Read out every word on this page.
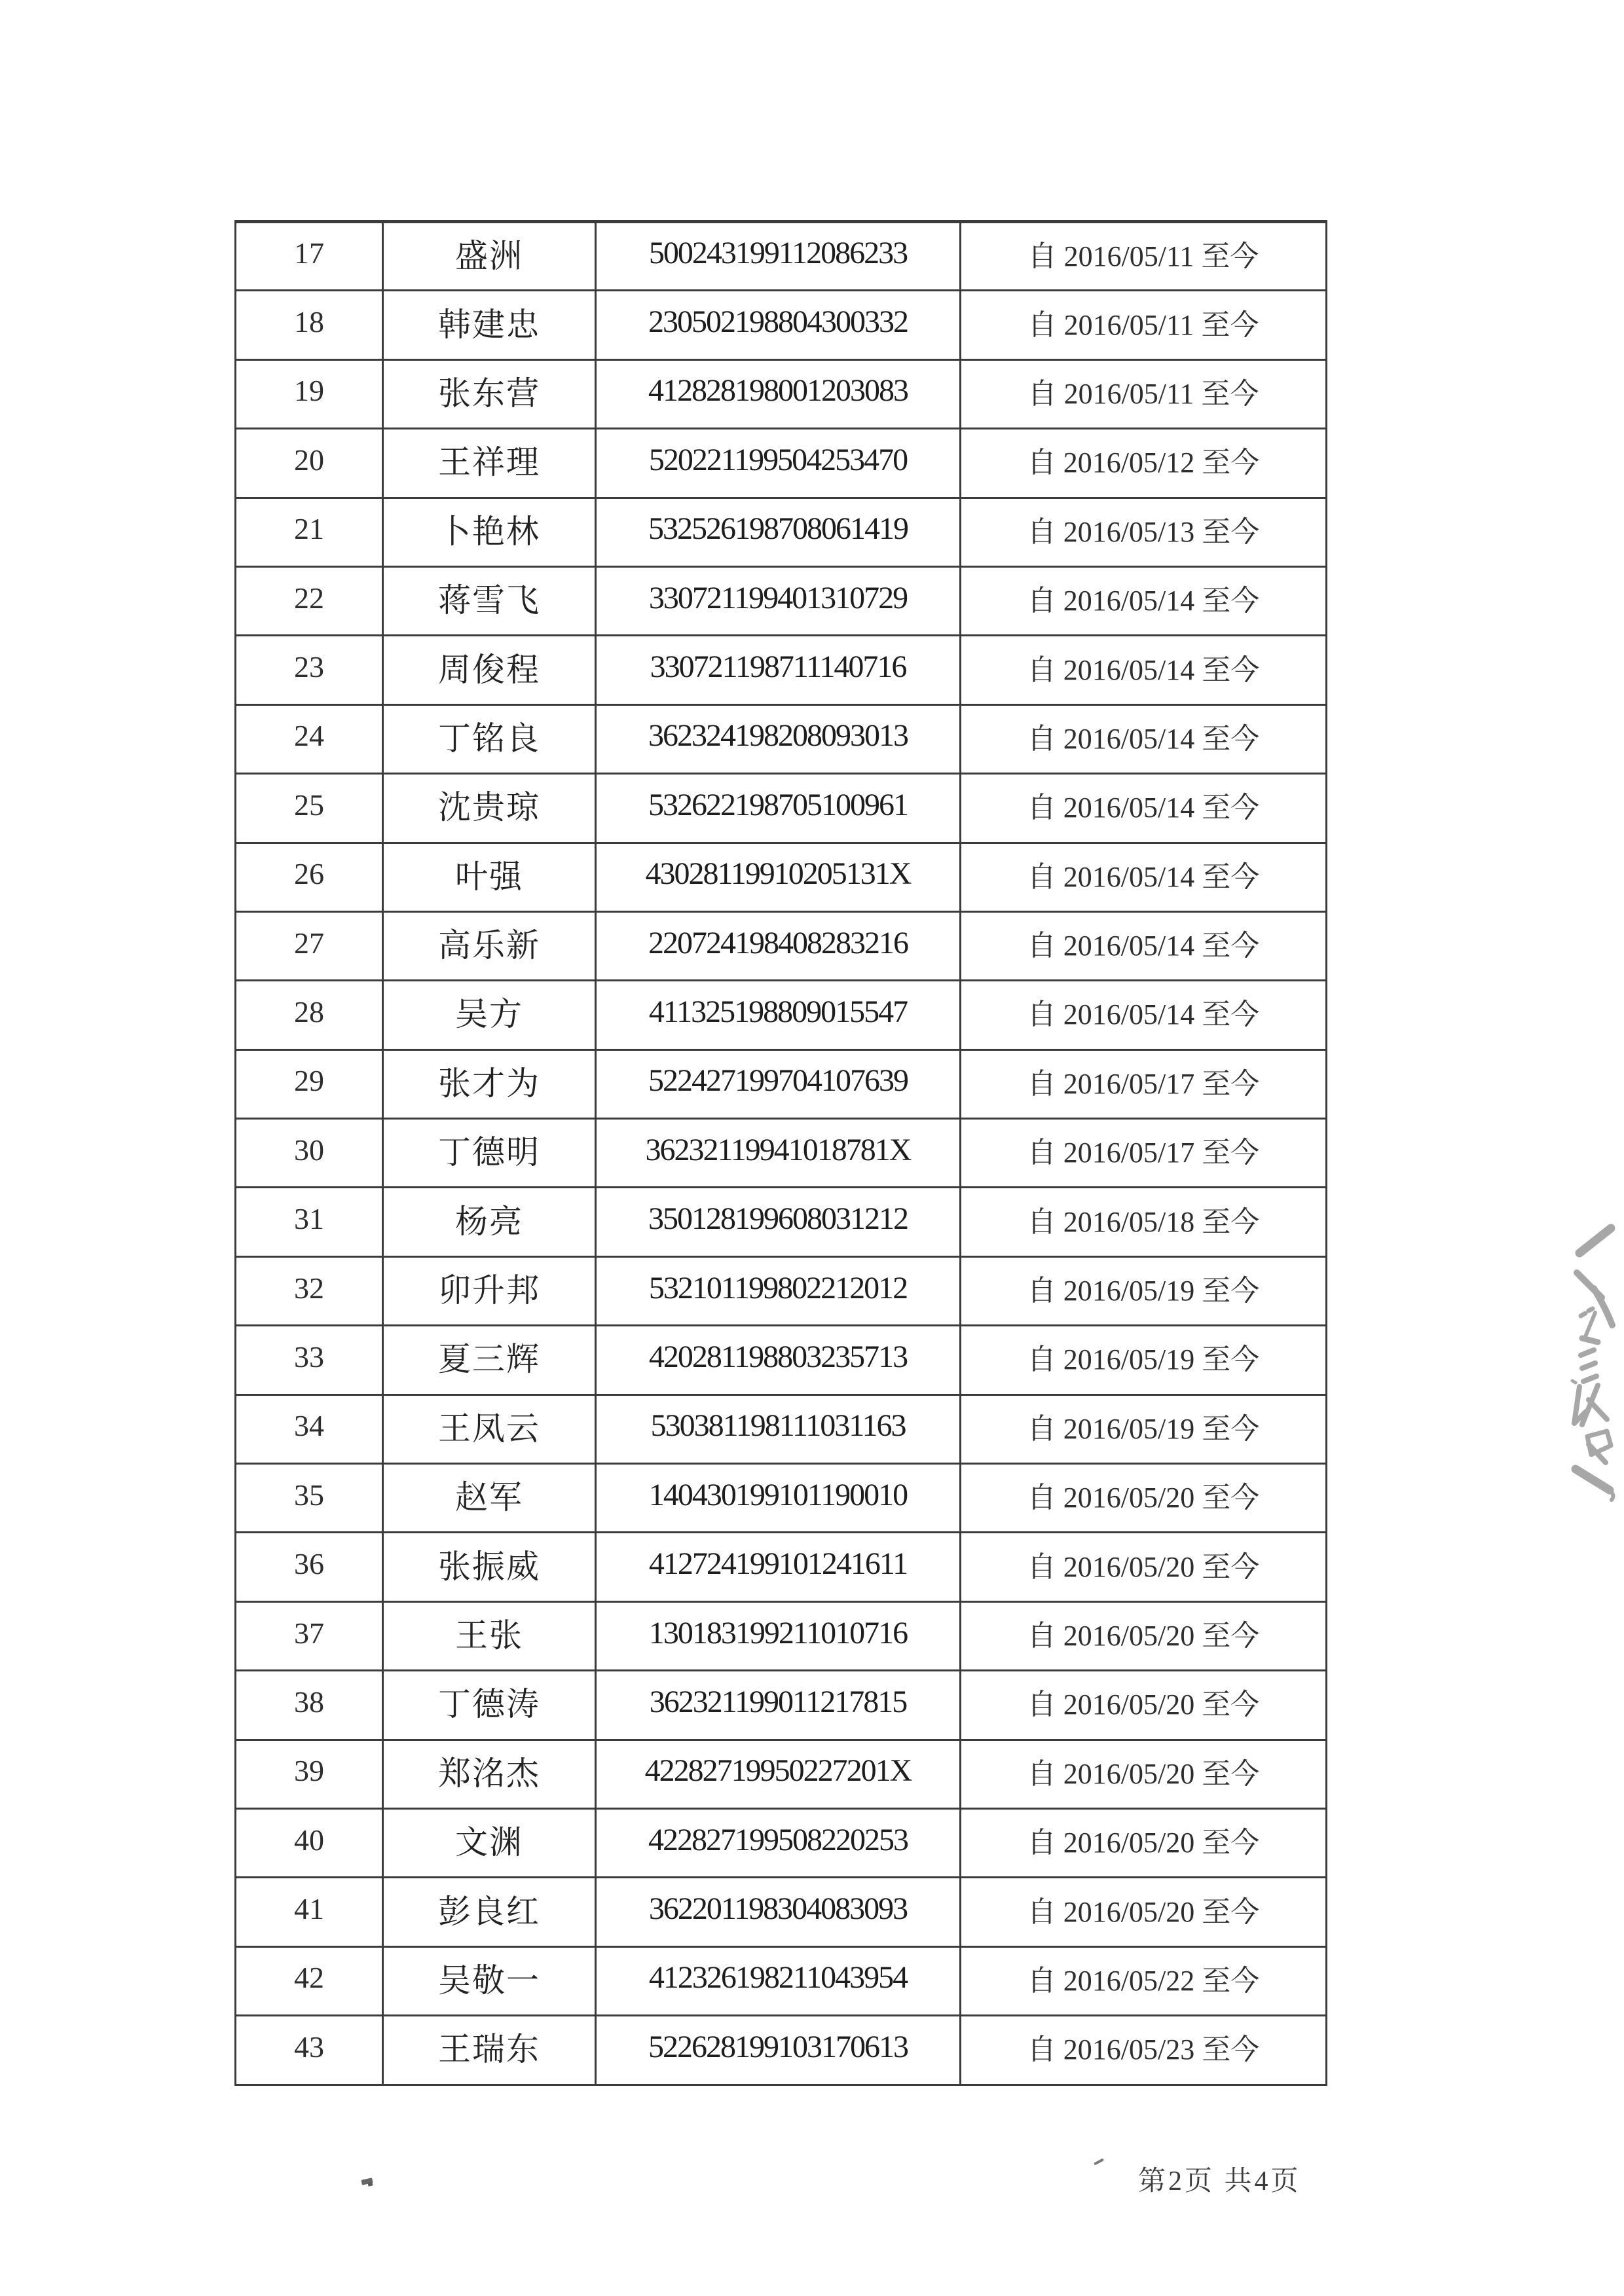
17	盛洲	500243199112086233	自 2016/05/11 至今
18	韩建忠	230502198804300332	自 2016/05/11 至今
19	张东营	412828198001203083	自 2016/05/11 至今
20	王祥理	520221199504253470	自 2016/05/12 至今
21	卜艳林	532526198708061419	自 2016/05/13 至今
22	蒋雪飞	330721199401310729	自 2016/05/14 至今
23	周俊程	330721198711140716	自 2016/05/14 至今
24	丁铭良	362324198208093013	自 2016/05/14 至今
25	沈贵琼	532622198705100961	自 2016/05/14 至今
26	叶强	43028119910205131X	自 2016/05/14 至今
27	高乐新	220724198408283216	自 2016/05/14 至今
28	吴方	411325198809015547	自 2016/05/14 至今
29	张才为	522427199704107639	自 2016/05/17 至今
30	丁德明	36232119941018781X	自 2016/05/17 至今
31	杨亮	350128199608031212	自 2016/05/18 至今
32	卯升邦	532101199802212012	自 2016/05/19 至今
33	夏三辉	420281198803235713	自 2016/05/19 至今
34	王凤云	530381198111031163	自 2016/05/19 至今
35	赵军	140430199101190010	自 2016/05/20 至今
36	张振威	412724199101241611	自 2016/05/20 至今
37	王张	130183199211010716	自 2016/05/20 至今
38	丁德涛	362321199011217815	自 2016/05/20 至今
39	郑洺杰	42282719950227201X	自 2016/05/20 至今
40	文渊	422827199508220253	自 2016/05/20 至今
41	彭良红	362201198304083093	自 2016/05/20 至今
42	吴敬一	412326198211043954	自 2016/05/22 至今
43	王瑞东	522628199103170613	自 2016/05/23 至今
第2页 共4页
